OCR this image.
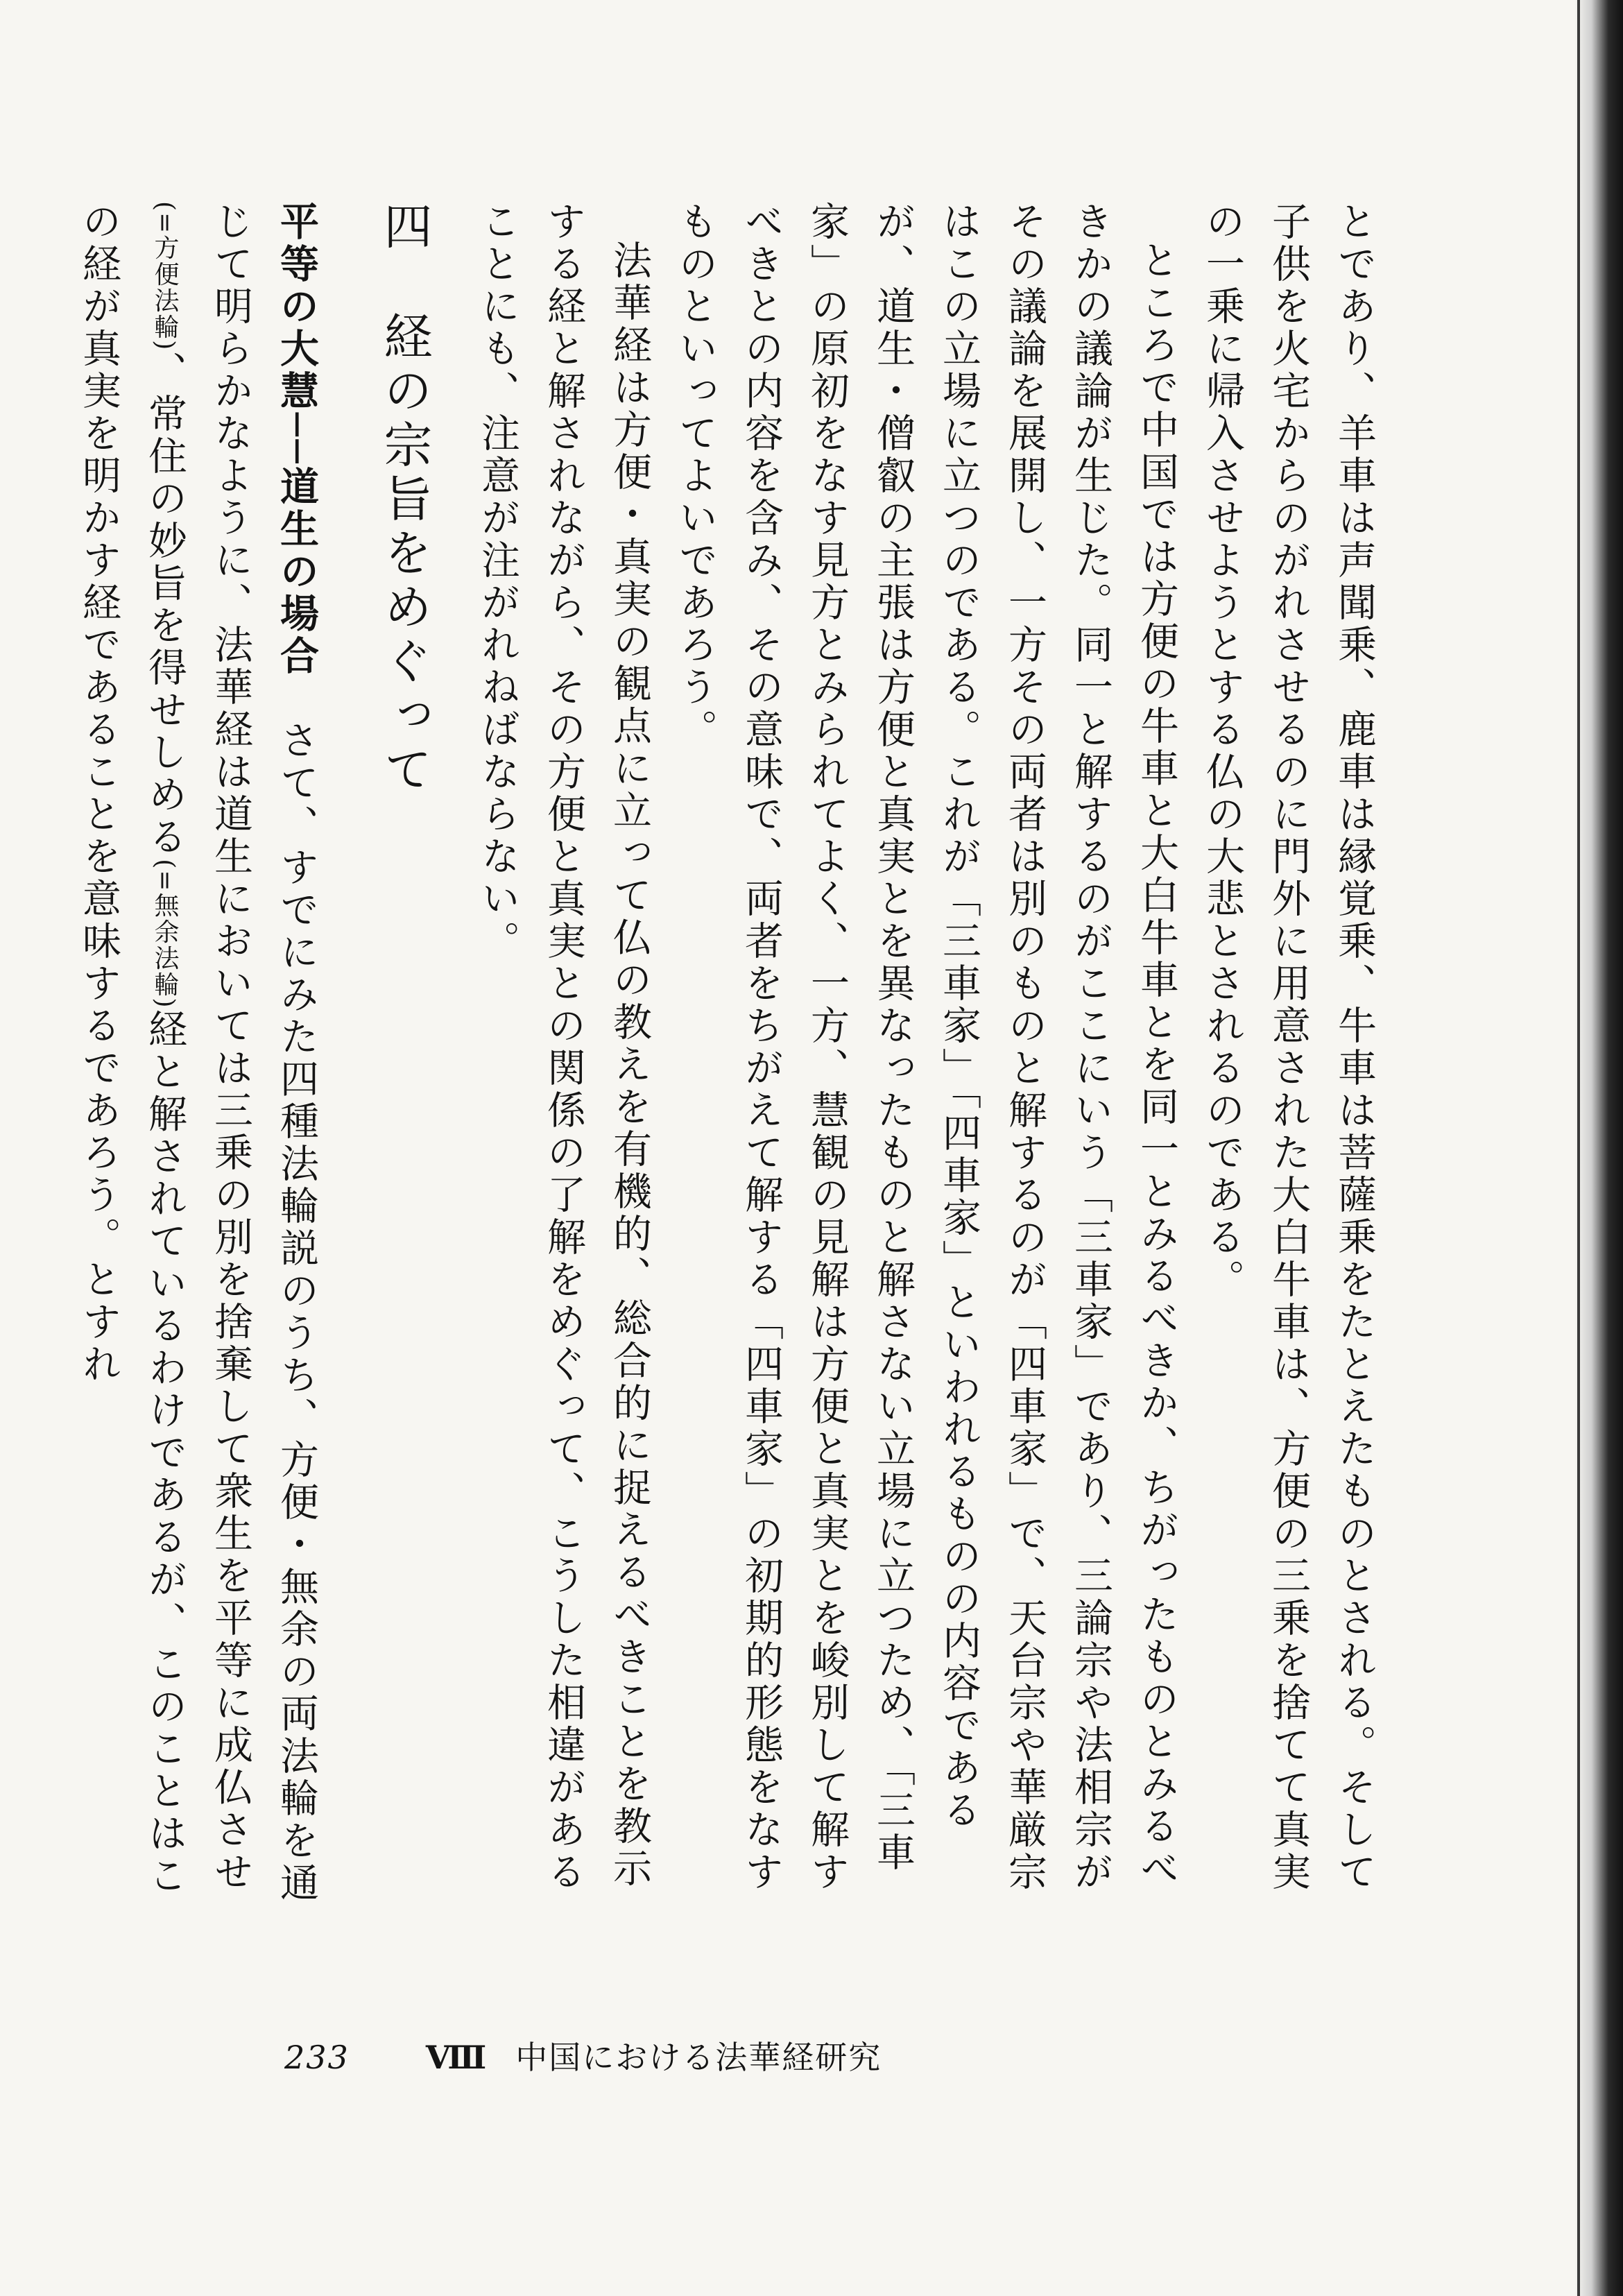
とであり、羊車は声聞乗、鹿車は縁覚乗、牛車は菩薩乗をたとえたものとされる。そして子供を火宅からのがれさせるのに門外に用意された大白牛車は、方便の三乗を捨てて真実の一乗に帰入させようとする仏の大悲とされるのである。

ところで中国では方便の牛車と大白牛車とを同一とみるべきか、ちがったものとみるべきかの議論が生じた。同一と解するのがここにいう「三車家」であり、三論宗や法相宗がその議論を展開し、一方その両者は別のものと解するのが「四車家」で、天台宗や華厳宗はこの立場に立つのである。これが「三車家」「四車家」といわれるものの内容であるが、道生・僧叡の主張は方便と真実とを異なったものと解さない立場に立つため、「三車家」の原初をなす見方とみられてよく、一方、慧観の見解は方便と真実とを峻別して解すべきとの内容を含み、その意味で、両者をちがえて解する「四車家」の初期的形態をなすものといってよいであろう。

法華経は方便・真実の観点に立って仏の教えを有機的、総合的に捉えるべきことを教示する経と解されながら、その方便と真実との関係の了解をめぐって、こうした相違があることにも、注意が注がれねばならない。

四 経の宗旨をめぐって

平等の大慧──道生の場合　さて、すでにみた四種法輪説のうち、方便・無余の両法輪を通じて明らかなように、法華経は道生においては三乗の別を捨棄して衆生を平等に成仏させ(=方便法輪)、常住の妙旨を得せしめる(=無余法輪)経と解されているわけであるが、このことはこの経が真実を明かす経であることを意味するであろう。とすれ

233 Ⅷ 中国における法華経研究
